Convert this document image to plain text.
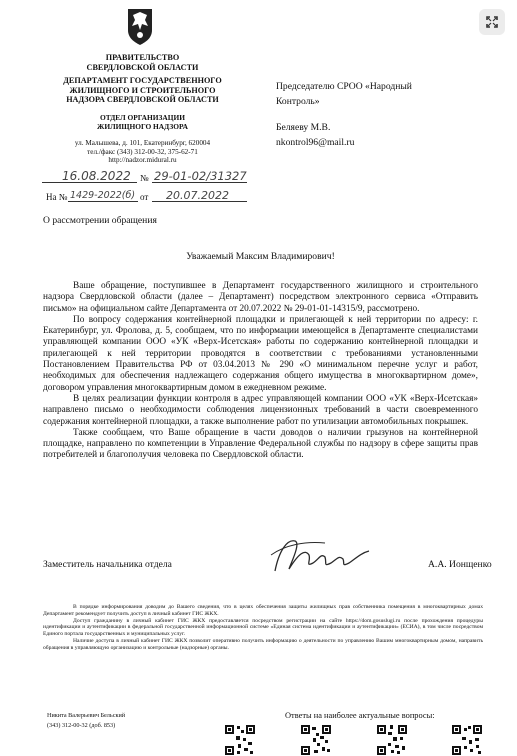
ПРАВИТЕЛЬСТВО
СВЕРДЛОВСКОЙ ОБЛАСТИ
ДЕПАРТАМЕНТ ГОСУДАРСТВЕННОГО
ЖИЛИЩНОГО И СТРОИТЕЛЬНОГО
НАДЗОРА СВЕРДЛОВСКОЙ ОБЛАСТИ
ОТДЕЛ ОРГАНИЗАЦИИ
ЖИЛИЩНОГО НАДЗОРА
ул. Малышева, д. 101, Екатеринбург, 620004
тел./факс (343) 312-00-32, 375-62-71
http://nadzor.midural.ru
16.08.2022 № 29-01-02/31327
На № 1429-2022(б) от 20.07.2022
Председателю СРОО «Народный
Контроль»
Беляеву М.В.
nkontrol96@mail.ru
О рассмотрении обращения
Уважаемый Максим Владимирович!

Ваше обращение, поступившее в Департамент государственного жилищного и строительного надзора Свердловской области (далее – Департамент) посредством электронного сервиса «Отправить письмо» на официальном сайте Департамента от 20.07.2022 № 29-01-01-14315/9, рассмотрено.

По вопросу содержания контейнерной площадки и прилегающей к ней территории по адресу: г. Екатеринбург, ул. Фролова, д. 5, сообщаем, что по информации имеющейся в Департаменте специалистами управляющей компании ООО «УК «Верх-Исетская» работы по содержанию контейнерной площадки и прилегающей к ней территории проводятся в соответствии с требованиями установленными Постановлением Правительства РФ от 03.04.2013 № 290 «О минимальном перечне услуг и работ, необходимых для обеспечения надлежащего содержания общего имущества в многоквартирном доме», договором управления многоквартирным домом в ежедневном режиме.

В целях реализации функции контроля в адрес управляющей компании ООО «УК «Верх-Исетская» направлено письмо о необходимости соблюдения лицензионных требований в части своевременного содержания контейнерной площадки, а также выполнение работ по утилизации автомобильных покрышек.

Также сообщаем, что Ваше обращение в части доводов о наличии грызунов на контейнерной площадке, направлено по компетенции в Управление Федеральной службы по надзору в сфере защиты прав потребителей и благополучия человека по Свердловской области.

Заместитель начальника отдела	А.А. Ионщенко

В порядке информирования доводим до Вашего сведения, что в целях обеспечения защиты жилищных прав собственника помещения в многоквартирных домах Департамент рекомендует получить доступ в личный кабинет ГИС ЖКХ.

Доступ гражданину в личный кабинет ГИС ЖКХ предоставляется посредством регистрации на сайте https://dom.gosuslugi.ru после прохождения процедуры идентификации и аутентификации в федеральной государственной информационной системе «Единая система идентификации и аутентификации» (ЕСИА), в том числе посредством Единого портала государственных и муниципальных услуг.

Наличие доступа в личный кабинет ГИС ЖКХ позволит оперативно получить информацию о деятельности по управлению Вашим многоквартирным домом, направить обращения в управляющую организацию и контрольные (надзорные) органы.

Никита Валерьевич Бельский
(343) 312-00-32 (доб. 853)
Ответы на наиболее актуальные вопросы:
